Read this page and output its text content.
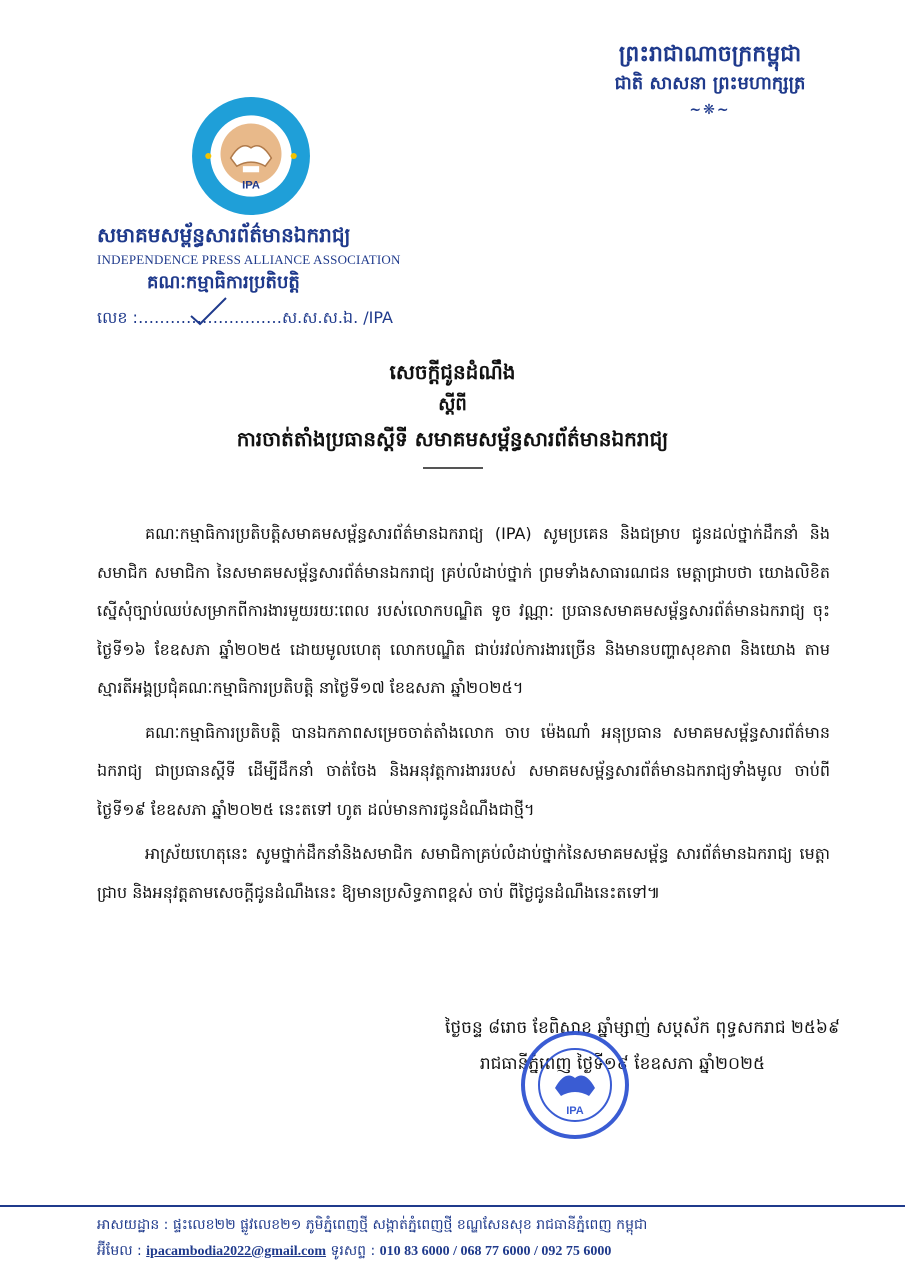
ព្រះរាជាណាចក្រកម្ពុជា
ជាតិ សាសនា ព្រះមហាក្សត្រ
~❋~
IPA
សមាគមសម្ព័ន្ធសារព័ត៌មានឯករាជ្យ
INDEPENDENCE PRESS ALLIANCE ASSOCIATION
គណៈកម្មាធិការប្រតិបត្តិ
លេខ :………………………ស.ស.ស.ឯ. /IPA
សេចក្តីជូនដំណឹង
ស្តីពី
ការចាត់តាំងប្រធានស្តីទី សមាគមសម្ព័ន្ធសារព័ត៌មានឯករាជ្យ

គណៈកម្មាធិការប្រតិបត្តិសមាគមសម្ព័ន្ធសារព័ត៌មានឯករាជ្យ (IPA) សូមប្រគេន និងជម្រាប ជូនដល់ថ្នាក់ដឹកនាំ និងសមាជិក សមាជិកា នៃសមាគមសម្ព័ន្ធសារព័ត៌មានឯករាជ្យ គ្រប់លំដាប់ថ្នាក់ ព្រមទាំងសាធារណជន មេត្តាជ្រាបថា យោងលិខិតស្នើសុំច្បាប់ឈប់សម្រាកពីការងារមួយរយៈពេល របស់លោកបណ្ឌិត ទូច វណ្ណា: ប្រធានសមាគមសម្ព័ន្ធសារព័ត៌មានឯករាជ្យ ចុះថ្ងៃទី១៦ ខែឧសភា ឆ្នាំ២០២៥ ដោយមូលហេតុ លោកបណ្ឌិត ជាប់រវល់ការងារច្រើន និងមានបញ្ហាសុខភាព និងយោង តាមស្មារតីអង្គប្រជុំគណៈកម្មាធិការប្រតិបត្តិ នាថ្ងៃទី១៧ ខែឧសភា ឆ្នាំ២០២៥។

គណៈកម្មាធិការប្រតិបត្តិ បានឯកភាពសម្រេចចាត់តាំងលោក ចាប ម៉េងណាំ អនុប្រធាន សមាគមសម្ព័ន្ធសារព័ត៌មានឯករាជ្យ ជាប្រធានស្តីទី ដើម្បីដឹកនាំ ចាត់ចែង និងអនុវត្តការងាររបស់ សមាគមសម្ព័ន្ធសារព័ត៌មានឯករាជ្យទាំងមូល ចាប់ពីថ្ងៃទី១៩ ខែឧសភា ឆ្នាំ២០២៥ នេះតទៅ ហូត ដល់មានការជូនដំណឹងជាថ្មី។

អាស្រ័យហេតុនេះ សូមថ្នាក់ដឹកនាំនិងសមាជិក សមាជិកាគ្រប់លំដាប់ថ្នាក់នៃសមាគមសម្ព័ន្ធ សារព័ត៌មានឯករាជ្យ មេត្តាជ្រាប និងអនុវត្តតាមសេចក្តីជូនដំណឹងនេះ ឱ្យមានប្រសិទ្ធភាពខ្ពស់ ចាប់ ពីថ្ងៃជូនដំណឹងនេះតទៅ៕

ថ្ងៃចន្ទ ៨រោច ខែពិសាខ ឆ្នាំម្សាញ់ សប្តស័ក ពុទ្ធសករាជ ២៥៦៩
រាជធានីភ្នំពេញ ថ្ងៃទី១៩ ខែឧសភា ឆ្នាំ២០២៥
IPA
អាសយដ្ឋាន : ផ្ទះលេខ២២ ផ្លូវលេខ២១ ភូមិភ្នំពេញថ្មី សង្កាត់ភ្នំពេញថ្មី ខណ្ឌសែនសុខ រាជធានីភ្នំពេញ កម្ពុជា
អ៊ីមែល : ipacambodia2022@gmail.com ទូរសព្ទ : 010 83 6000 / 068 77 6000 / 092 75 6000
